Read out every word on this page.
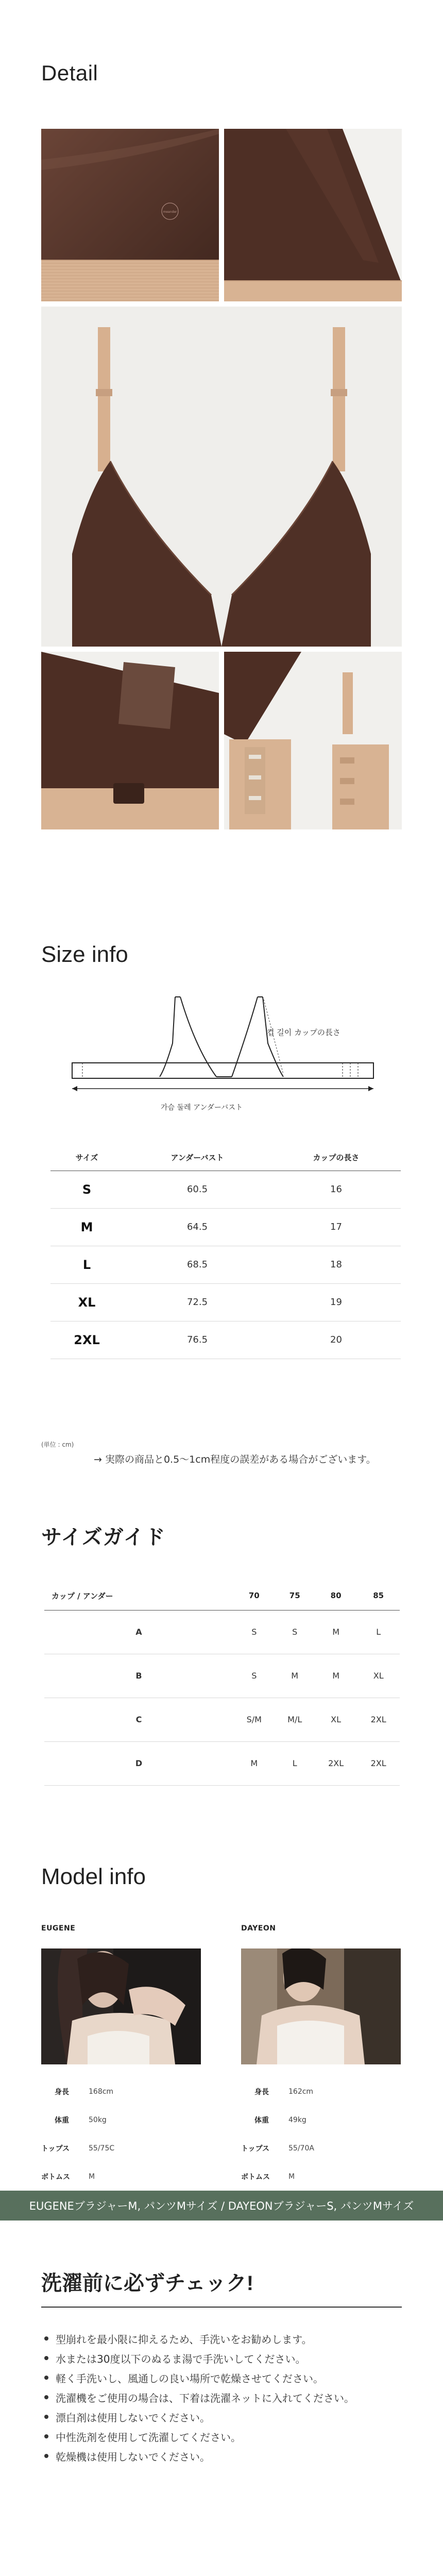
Detail
meander
Size info
컵 길이 カップの長さ
가슴 둘레 アンダーバスト
サイズ	アンダーバスト	カップの長さ
S	60.5	16
M	64.5	17
L	68.5	18
XL	72.5	19
2XL	76.5	20
(単位 : cm)
→ 実際の商品と0.5〜1cm程度の誤差がある場合がございます。
サイズガイド
カップ / アンダー	70	75	80	85
A	S	S	M	L
B	S	M	M	XL
C	S/M	M/L	XL	2XL
D	M	L	2XL	2XL
Model info
EUGENE	DAYEON
身長	168cm
体重	50kg
トップス	55/75C
ボトムス	M
身長	162cm
体重	49kg
トップス	55/70A
ボトムス	M
EUGENEブラジャーM, パンツMサイズ / DAYEONブラジャーS, パンツMサイズ
洗濯前に必ずチェック!
型崩れを最小限に抑えるため、手洗いをお勧めします。
水または30度以下のぬるま湯で手洗いしてください。
軽く手洗いし、風通しの良い場所で乾燥させてください。
洗濯機をご使用の場合は、下着は洗濯ネットに入れてください。
漂白剤は使用しないでください。
中性洗剤を使用して洗濯してください。
乾燥機は使用しないでください。
